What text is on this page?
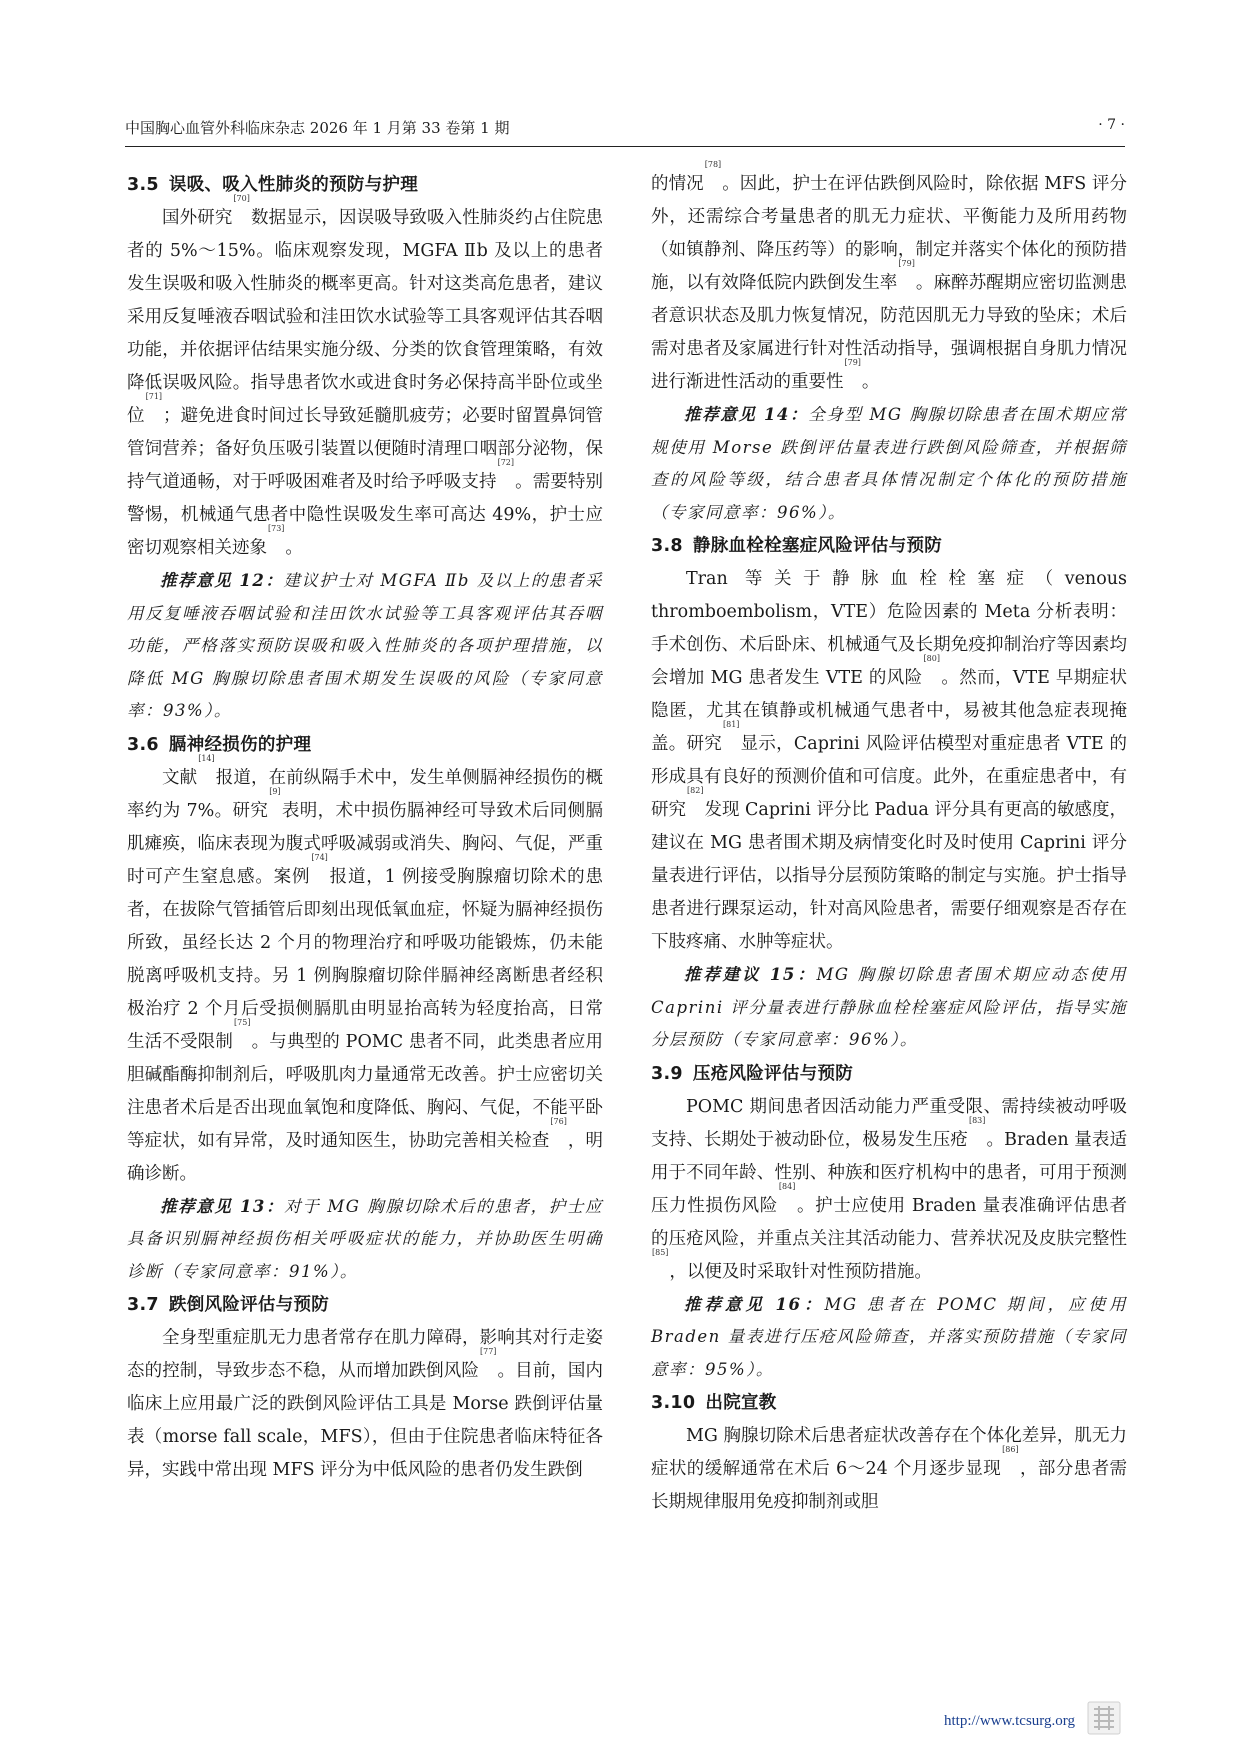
中国胸心血管外科临床杂志 2026 年 1 月第 33 卷第 1 期	· 7 ·
3.5 误吸、吸入性肺炎的预防与护理

国外研究[70]数据显示，因误吸导致吸入性肺炎约占住院患者的 5%～15%。临床观察发现，MGFA Ⅱb 及以上的患者发生误吸和吸入性肺炎的概率更高。针对这类高危患者，建议采用反复唾液吞咽试验和洼田饮水试验等工具客观评估其吞咽功能，并依据评估结果实施分级、分类的饮食管理策略，有效降低误吸风险。指导患者饮水或进食时务必保持高半卧位或坐位[71]；避免进食时间过长导致延髓肌疲劳；必要时留置鼻饲管管饲营养；备好负压吸引装置以便随时清理口咽部分泌物，保持气道通畅，对于呼吸困难者及时给予呼吸支持[72]。需要特别警惕，机械通气患者中隐性误吸发生率可高达 49%，护士应密切观察相关迹象[73]。

推荐意见 12：建议护士对 MGFA Ⅱb 及以上的患者采用反复唾液吞咽试验和洼田饮水试验等工具客观评估其吞咽功能，严格落实预防误吸和吸入性肺炎的各项护理措施，以降低 MG 胸腺切除患者围术期发生误吸的风险（专家同意率：93%）。

3.6 膈神经损伤的护理

文献[14]报道，在前纵隔手术中，发生单侧膈神经损伤的概率约为 7%。研究[9]表明，术中损伤膈神经可导致术后同侧膈肌瘫痪，临床表现为腹式呼吸减弱或消失、胸闷、气促，严重时可产生窒息感。案例[74]报道，1 例接受胸腺瘤切除术的患者，在拔除气管插管后即刻出现低氧血症，怀疑为膈神经损伤所致，虽经长达 2 个月的物理治疗和呼吸功能锻炼，仍未能脱离呼吸机支持。另 1 例胸腺瘤切除伴膈神经离断患者经积极治疗 2 个月后受损侧膈肌由明显抬高转为轻度抬高，日常生活不受限制[75]。与典型的 POMC 患者不同，此类患者应用胆碱酯酶抑制剂后，呼吸肌肉力量通常无改善。护士应密切关注患者术后是否出现血氧饱和度降低、胸闷、气促，不能平卧等症状，如有异常，及时通知医生，协助完善相关检查[76]，明确诊断。

推荐意见 13：对于 MG 胸腺切除术后的患者，护士应具备识别膈神经损伤相关呼吸症状的能力，并协助医生明确诊断（专家同意率：91%）。

3.7 跌倒风险评估与预防

全身型重症肌无力患者常存在肌力障碍，影响其对行走姿态的控制，导致步态不稳，从而增加跌倒风险[77]。目前，国内临床上应用最广泛的跌倒风险评估工具是 Morse 跌倒评估量表（morse fall scale，MFS），但由于住院患者临床特征各异，实践中常出现 MFS 评分为中低风险的患者仍发生跌倒

的情况[78]。因此，护士在评估跌倒风险时，除依据 MFS 评分外，还需综合考量患者的肌无力症状、平衡能力及所用药物（如镇静剂、降压药等）的影响，制定并落实个体化的预防措施，以有效降低院内跌倒发生率[79]。麻醉苏醒期应密切监测患者意识状态及肌力恢复情况，防范因肌无力导致的坠床；术后需对患者及家属进行针对性活动指导，强调根据自身肌力情况进行渐进性活动的重要性[79]。

推荐意见 14：全身型 MG 胸腺切除患者在围术期应常规使用 Morse 跌倒评估量表进行跌倒风险筛查，并根据筛查的风险等级，结合患者具体情况制定个体化的预防措施（专家同意率：96%）。

3.8 静脉血栓栓塞症风险评估与预防

Tran 等关于静脉血栓栓塞症（venous thromboembolism，VTE）危险因素的 Meta 分析表明：手术创伤、术后卧床、机械通气及长期免疫抑制治疗等因素均会增加 MG 患者发生 VTE 的风险[80]。然而，VTE 早期症状隐匿，尤其在镇静或机械通气患者中，易被其他急症表现掩盖。研究[81]显示，Caprini 风险评估模型对重症患者 VTE 的形成具有良好的预测价值和可信度。此外，在重症患者中，有研究[82]发现 Caprini 评分比 Padua 评分具有更高的敏感度，建议在 MG 患者围术期及病情变化时及时使用 Caprini 评分量表进行评估，以指导分层预防策略的制定与实施。护士指导患者进行踝泵运动，针对高风险患者，需要仔细观察是否存在下肢疼痛、水肿等症状。

推荐建议 15：MG 胸腺切除患者围术期应动态使用 Caprini 评分量表进行静脉血栓栓塞症风险评估，指导实施分层预防（专家同意率：96%）。

3.9 压疮风险评估与预防

POMC 期间患者因活动能力严重受限、需持续被动呼吸支持、长期处于被动卧位，极易发生压疮[83]。Braden 量表适用于不同年龄、性别、种族和医疗机构中的患者，可用于预测压力性损伤风险[84]。护士应使用 Braden 量表准确评估患者的压疮风险，并重点关注其活动能力、营养状况及皮肤完整性[85]，以便及时采取针对性预防措施。

推荐意见 16：MG 患者在 POMC 期间，应使用 Braden 量表进行压疮风险筛查，并落实预防措施（专家同意率：95%）。

3.10 出院宣教

MG 胸腺切除术后患者症状改善存在个体化差异，肌无力症状的缓解通常在术后 6～24 个月逐步显现[86]，部分患者需长期规律服用免疫抑制剂或胆

http://www.tcsurg.org
